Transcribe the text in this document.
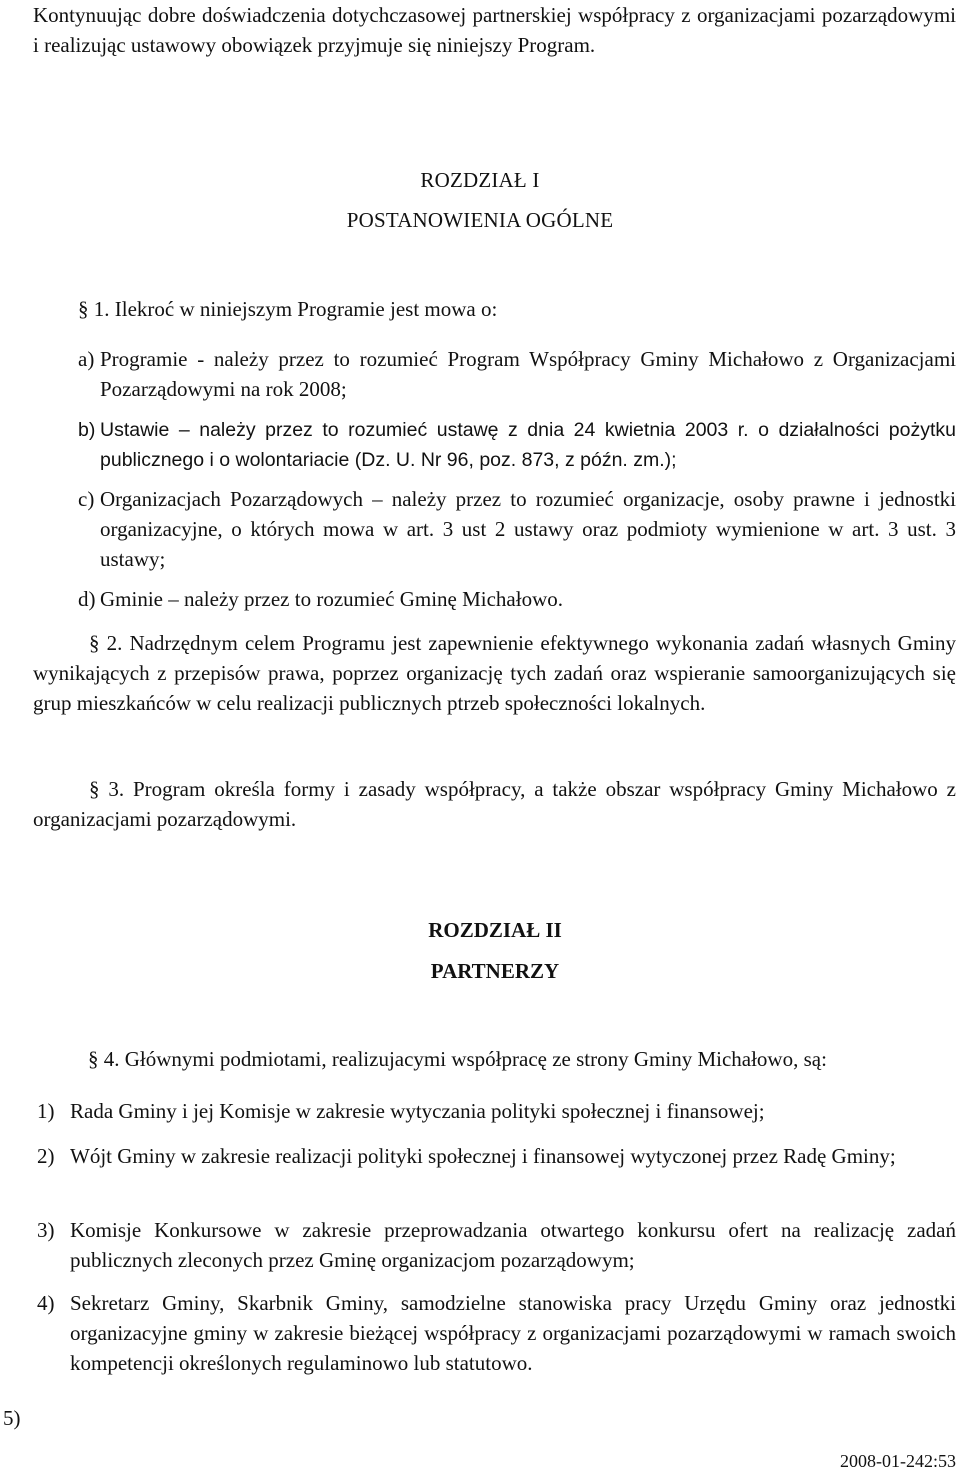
Kontynuując dobre doświadczenia dotychczasowej partnerskiej współpracy z organizacjami pozarządowymi i realizując ustawowy obowiązek przyjmuje się niniejszy Program.

ROZDZIAŁ I

POSTANOWIENIA OGÓLNE

§ 1. Ilekroć w niniejszym Programie jest mowa o:

a) Programie - należy przez to rozumieć Program Współpracy Gminy Michałowo z Organizacjami Pozarządowymi na rok 2008;
b) Ustawie – należy przez to rozumieć ustawę z dnia 24 kwietnia 2003 r. o działalności pożytku publicznego i o wolontariacie (Dz. U. Nr 96, poz. 873, z późn. zm.);
c) Organizacjach Pozarządowych – należy przez to rozumieć organizacje, osoby prawne i jednostki organizacyjne, o których mowa w art. 3 ust 2 ustawy oraz podmioty wymienione w art. 3 ust. 3 ustawy;
d) Gminie – należy przez to rozumieć Gminę Michałowo.

§ 2. Nadrzędnym celem Programu jest zapewnienie efektywnego wykonania zadań własnych Gminy wynikających z przepisów prawa, poprzez organizację tych zadań oraz wspieranie samoorganizujących się grup mieszkańców w celu realizacji publicznych ptrzeb społeczności lokalnych.

§ 3. Program określa formy i zasady współpracy, a także obszar współpracy Gminy Michałowo z organizacjami pozarządowymi.

ROZDZIAŁ II

PARTNERZY

§ 4. Głównymi podmiotami, realizujacymi współpracę ze strony Gminy Michałowo, są:

1) Rada Gminy i jej Komisje w zakresie wytyczania polityki społecznej i finansowej;
2) Wójt Gminy w zakresie realizacji polityki społecznej i finansowej wytyczonej przez Radę Gminy;
3) Komisje Konkursowe w zakresie przeprowadzania otwartego konkursu ofert na realizację zadań publicznych zleconych przez Gminę organizacjom pozarządowym;
4) Sekretarz Gminy, Skarbnik Gminy, samodzielne stanowiska pracy Urzędu Gminy oraz jednostki organizacyjne gminy w zakresie bieżącej współpracy z organizacjami pozarządowymi w ramach swoich kompetencji określonych regulaminowo lub statutowo.

5)

2008-01-242:53
